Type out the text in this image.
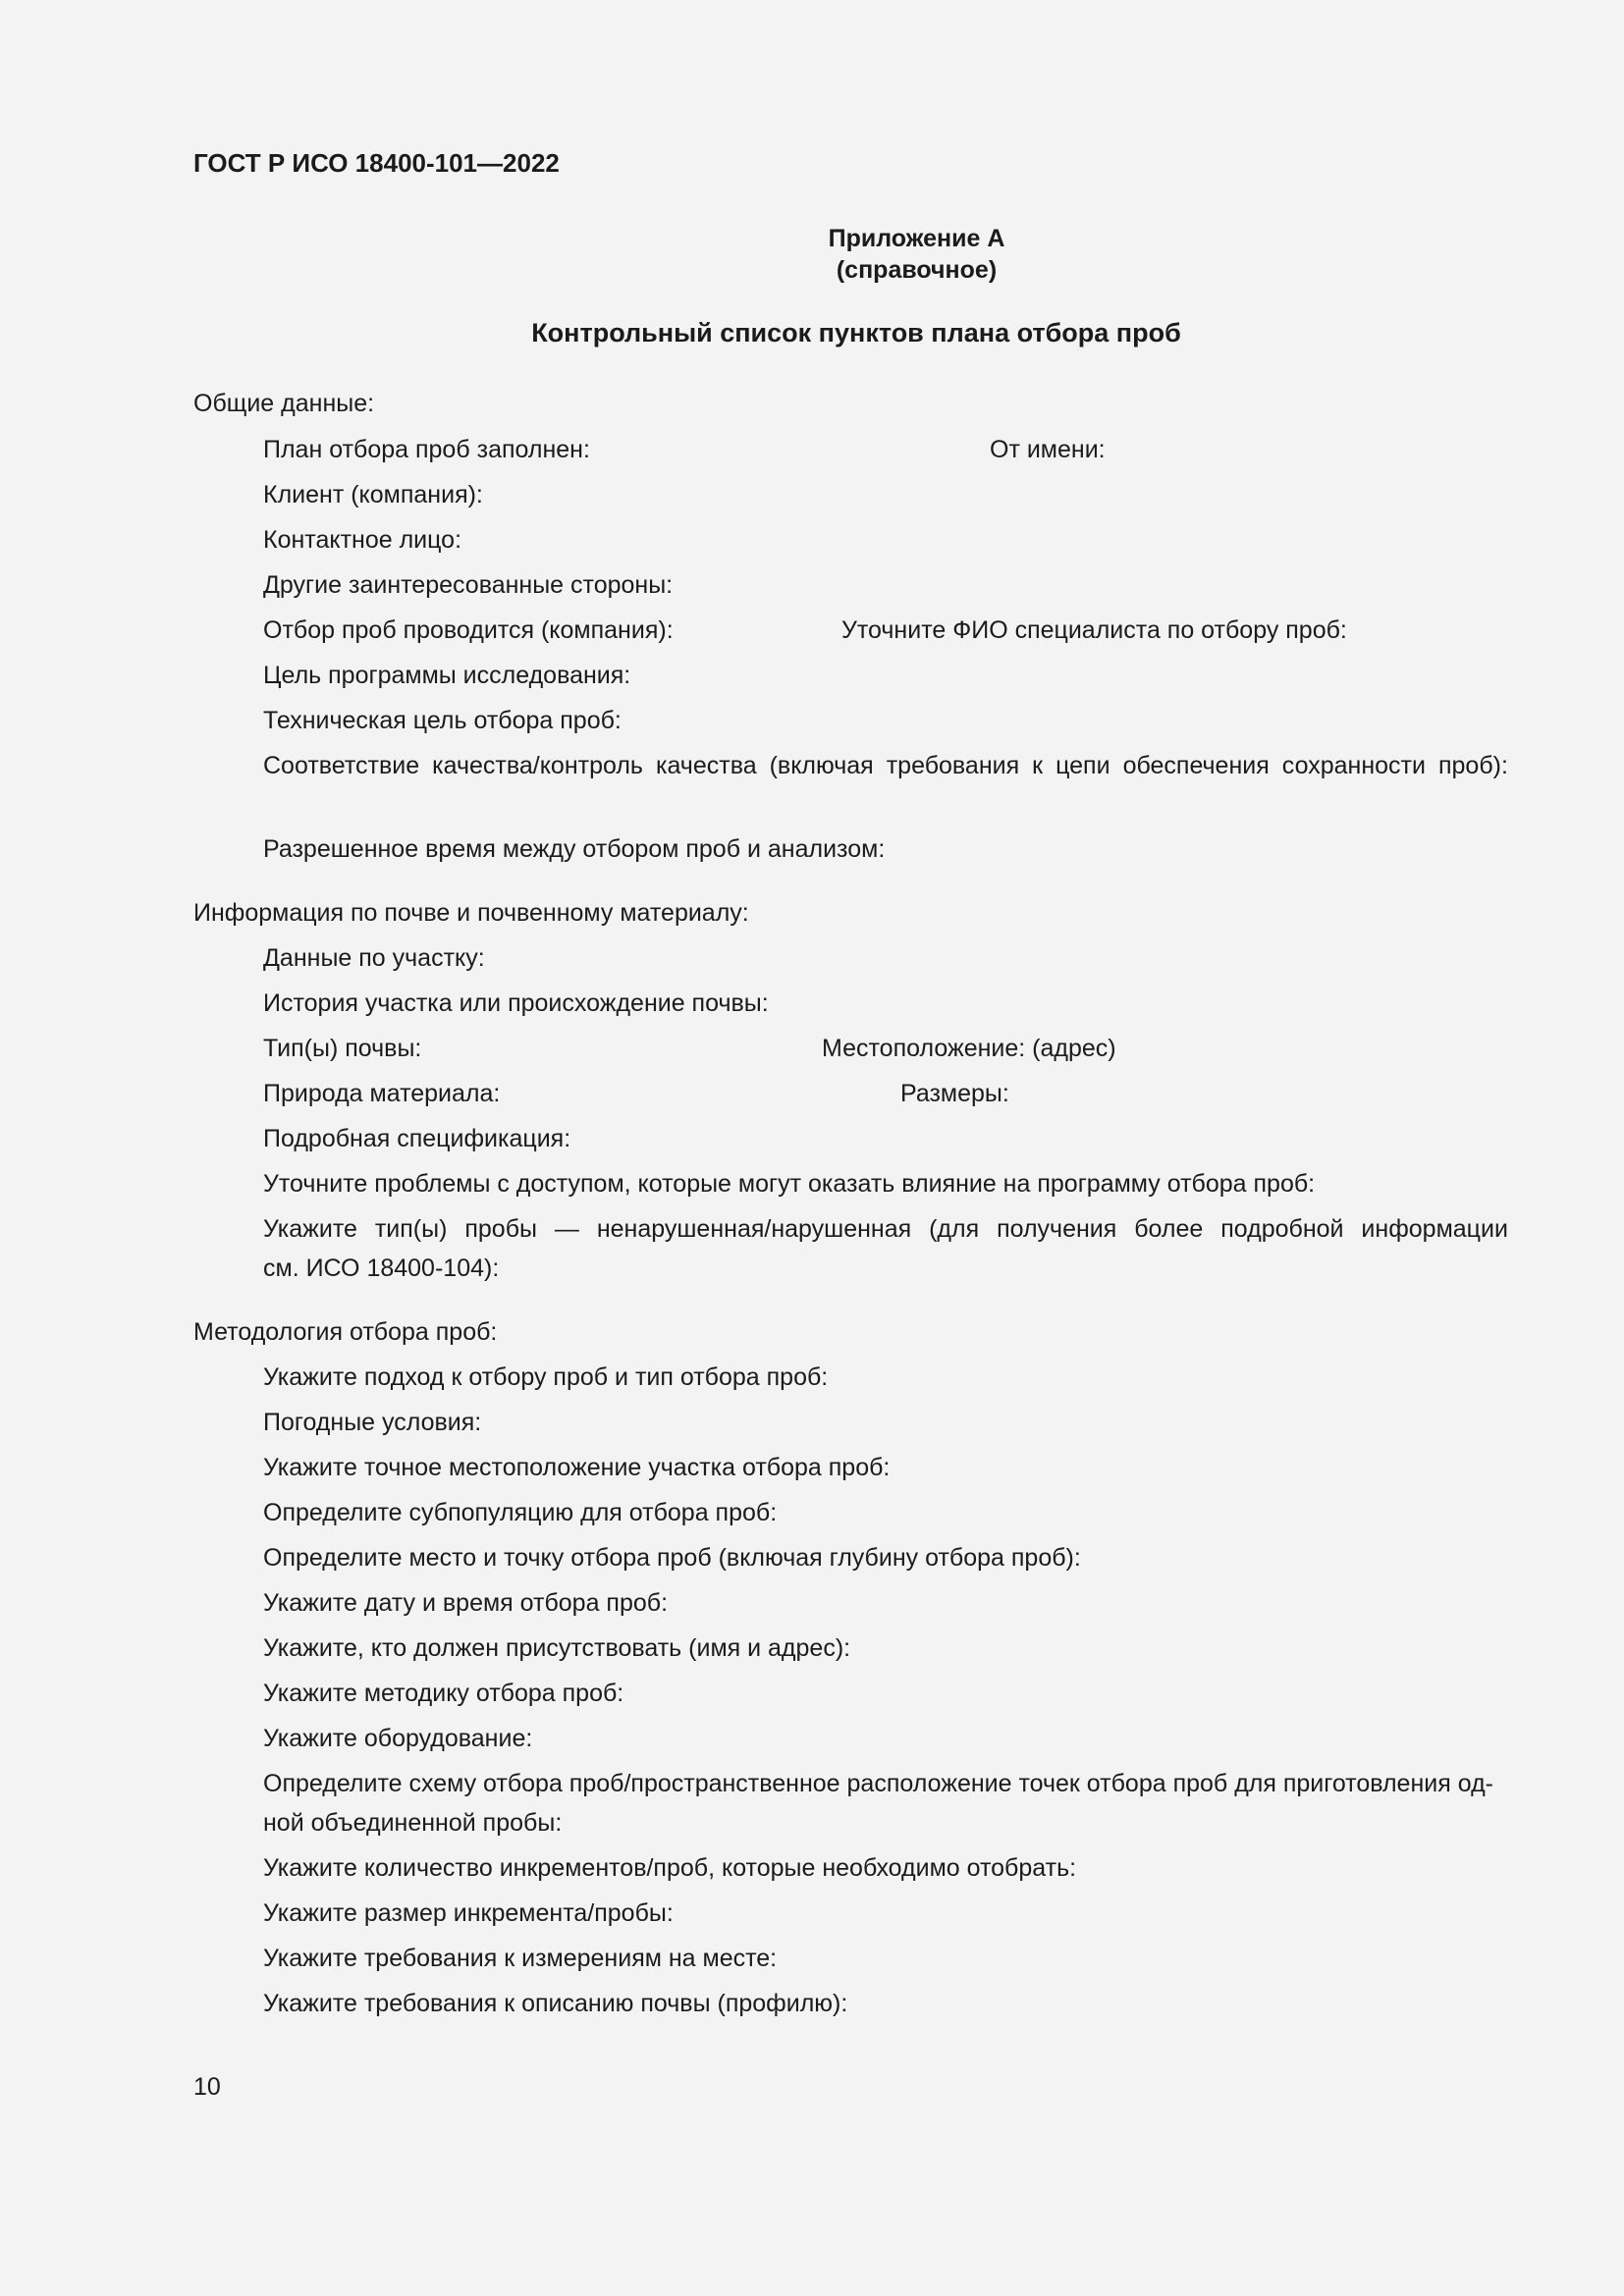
ГОСТ Р ИСО 18400-101—2022
Приложение А
(справочное)
Контрольный список пунктов плана отбора проб
Общие данные:
План отбора проб заполнен:	От имени:
Клиент (компания):
Контактное лицо:
Другие заинтересованные стороны:
Отбор проб проводится (компания):	Уточните ФИО специалиста по отбору проб:
Цель программы исследования:
Техническая цель отбора проб:
Соответствие качества/контроль качества (включая требования к цепи обеспечения сохранности проб):
Разрешенное время между отбором проб и анализом:
Информация по почве и почвенному материалу:
Данные по участку:
История участка или происхождение почвы:
Тип(ы) почвы:	Местоположение: (адрес)
Природа материала:	Размеры:
Подробная спецификация:
Уточните проблемы с доступом, которые могут оказать влияние на программу отбора проб:
Укажите тип(ы) пробы — ненарушенная/нарушенная (для получения более подробной информации
см. ИСО 18400-104):
Методология отбора проб:
Укажите подход к отбору проб и тип отбора проб:
Погодные условия:
Укажите точное местоположение участка отбора проб:
Определите субпопуляцию для отбора проб:
Определите место и точку отбора проб (включая глубину отбора проб):
Укажите дату и время отбора проб:
Укажите, кто должен присутствовать (имя и адрес):
Укажите методику отбора проб:
Укажите оборудование:
Определите схему отбора проб/пространственное расположение точек отбора проб для приготовления од-
ной объединенной пробы:
Укажите количество инкрементов/проб, которые необходимо отобрать:
Укажите размер инкремента/пробы:
Укажите требования к измерениям на месте:
Укажите требования к описанию почвы (профилю):
10
